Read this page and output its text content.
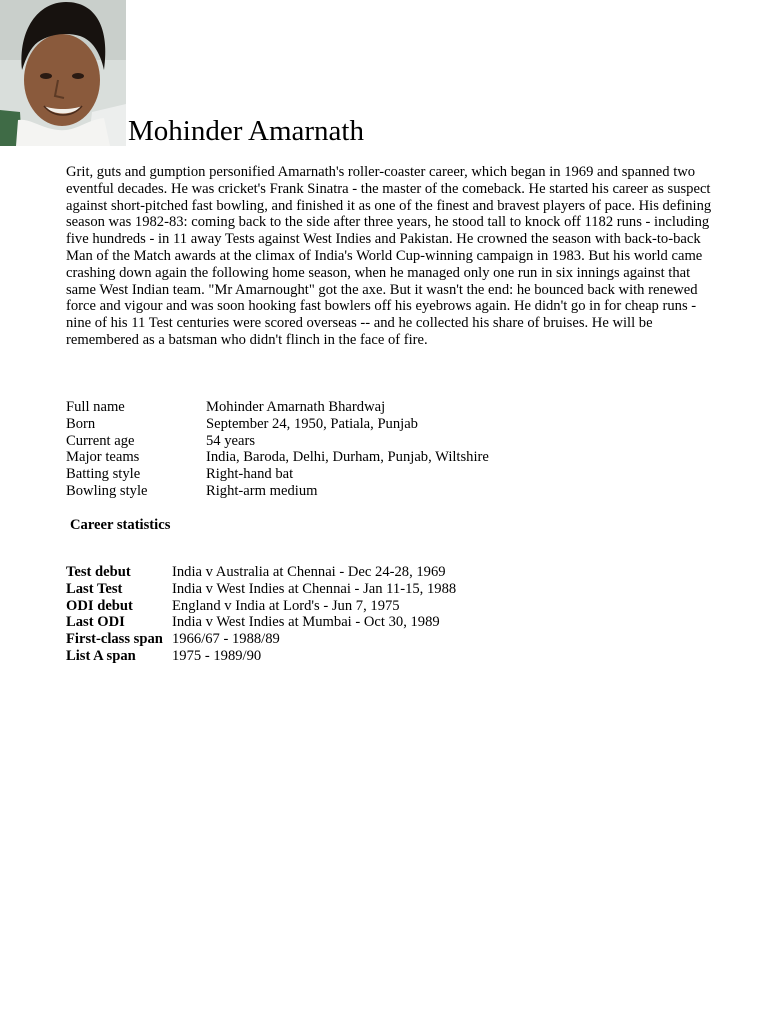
Mohinder Amarnath

Grit, guts and gumption personified Amarnath's roller-coaster career, which began in 1969 and spanned two eventful decades. He was cricket's Frank Sinatra - the master of the comeback. He started his career as suspect against short-pitched fast bowling, and finished it as one of the finest and bravest players of pace. His defining season was 1982-83: coming back to the side after three years, he stood tall to knock off 1182 runs - including five hundreds - in 11 away Tests against West Indies and Pakistan. He crowned the season with back-to-back Man of the Match awards at the climax of India's World Cup-winning campaign in 1983. But his world came crashing down again the following home season, when he managed only one run in six innings against that same West Indian team. "Mr Amarnought" got the axe. But it wasn't the end: he bounced back with renewed force and vigour and was soon hooking fast bowlers off his eyebrows again. He didn't go in for cheap runs - nine of his 11 Test centuries were scored overseas -- and he collected his share of bruises. He will be remembered as a batsman who didn't flinch in the face of fire.

Full name	Mohinder Amarnath Bhardwaj
Born	September 24, 1950, Patiala, Punjab
Current age	54 years
Major teams	India, Baroda, Delhi, Durham, Punjab, Wiltshire
Batting style	Right-hand bat
Bowling style	Right-arm medium
Career statistics
Test debut	India v Australia at Chennai - Dec 24-28, 1969
Last Test	India v West Indies at Chennai - Jan 11-15, 1988
ODI debut	England v India at Lord's - Jun 7, 1975
Last ODI	India v West Indies at Mumbai - Oct 30, 1989
First-class span	1966/67 - 1988/89
List A span	1975 - 1989/90
